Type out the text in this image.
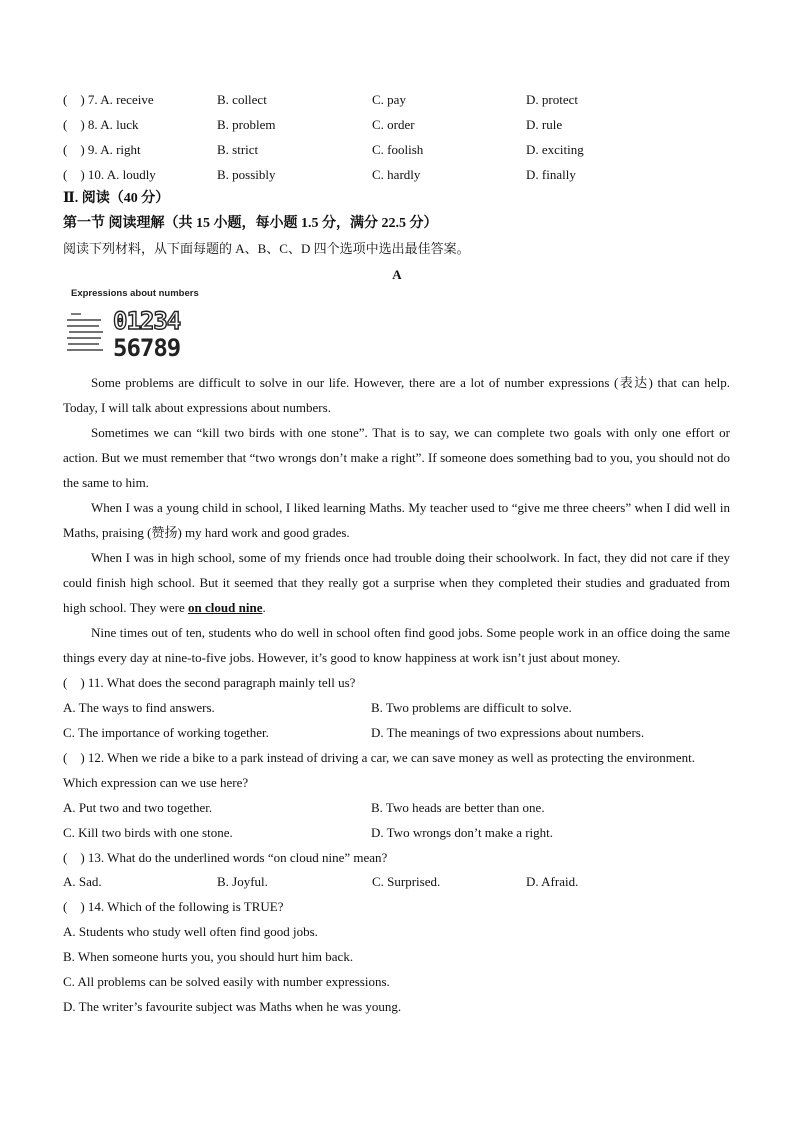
(    ) 7. A. receive	B. collect	C. pay	D. protect
(    ) 8. A. luck	B. problem	C. order	D. rule
(    ) 9. A. right	B. strict	C. foolish	D. exciting
(    ) 10. A. loudly	B. possibly	C. hardly	D. finally
Ⅱ. 阅读（40 分）
第一节 阅读理解（共 15 小题，每小题 1.5 分，满分 22.5 分）
阅读下列材料，从下面每题的 A、B、C、D 四个选项中选出最佳答案。
A
Expressions about numbers
01234
56789

Some problems are difficult to solve in our life. However, there are a lot of number expressions (表达) that can help. Today, I will talk about expressions about numbers.

Sometimes we can “kill two birds with one stone”. That is to say, we can complete two goals with only one effort or action. But we must remember that “two wrongs don’t make a right”. If someone does something bad to you, you should not do the same to him.

When I was a young child in school, I liked learning Maths. My teacher used to “give me three cheers” when I did well in Maths, praising (赞扬) my hard work and good grades.

When I was in high school, some of my friends once had trouble doing their schoolwork. In fact, they did not care if they could finish high school. But it seemed that they really got a surprise when they completed their studies and graduated from high school. They were on cloud nine.

Nine times out of ten, students who do well in school often find good jobs. Some people work in an office doing the same things every day at nine-to-five jobs. However, it’s good to know happiness at work isn’t just about money.

(    ) 11. What does the second paragraph mainly tell us?
A. The ways to find answers.	B. Two problems are difficult to solve.
C. The importance of working together.	D. The meanings of two expressions about numbers.
(    ) 12. When we ride a bike to a park instead of driving a car, we can save money as well as protecting the environment.
Which expression can we use here?
A. Put two and two together.	B. Two heads are better than one.
C. Kill two birds with one stone.	D. Two wrongs don’t make a right.
(    ) 13. What do the underlined words “on cloud nine” mean?
A. Sad.	B. Joyful.	C. Surprised.	D. Afraid.
(    ) 14. Which of the following is TRUE?
A. Students who study well often find good jobs.
B. When someone hurts you, you should hurt him back.
C. All problems can be solved easily with number expressions.
D. The writer’s favourite subject was Maths when he was young.
